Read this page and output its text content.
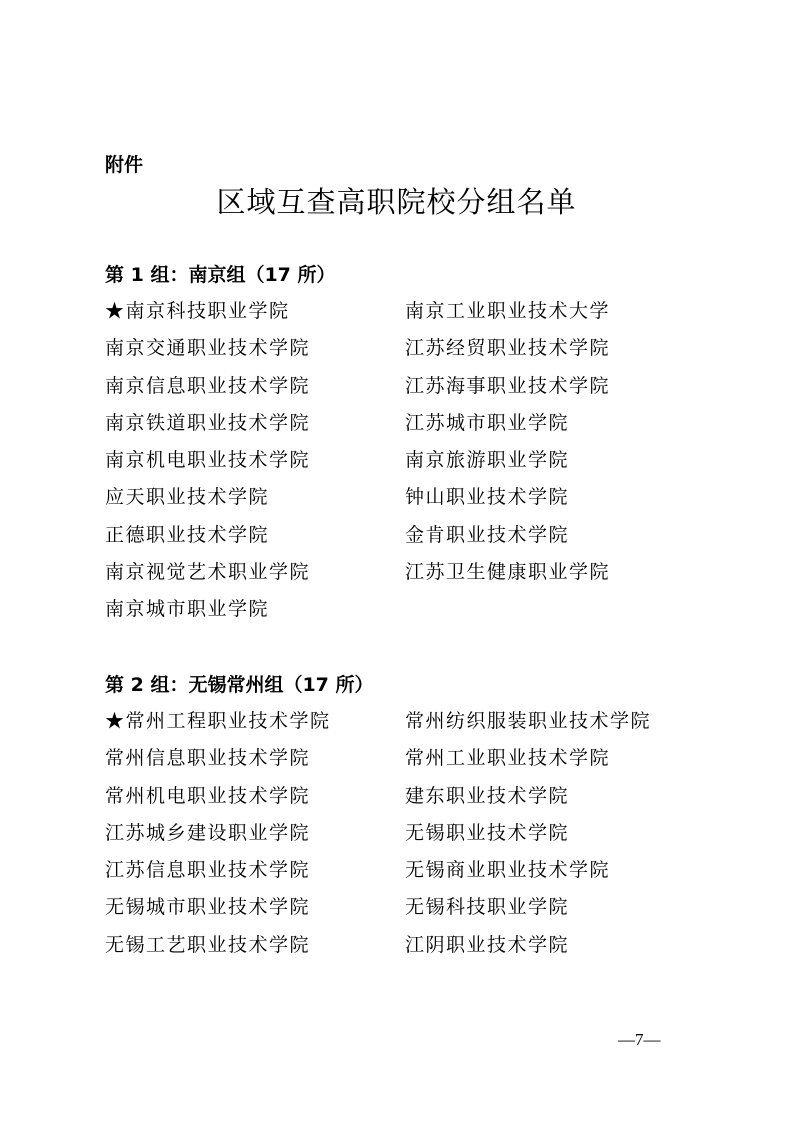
附件
区域互查高职院校分组名单
第 1 组：南京组（17 所）
★南京科技职业学院	南京工业职业技术大学
南京交通职业技术学院	江苏经贸职业技术学院
南京信息职业技术学院	江苏海事职业技术学院
南京铁道职业技术学院	江苏城市职业学院
南京机电职业技术学院	南京旅游职业学院
应天职业技术学院	钟山职业技术学院
正德职业技术学院	金肯职业技术学院
南京视觉艺术职业学院	江苏卫生健康职业学院
南京城市职业学院
第 2 组：无锡常州组（17 所）
★常州工程职业技术学院	常州纺织服装职业技术学院
常州信息职业技术学院	常州工业职业技术学院
常州机电职业技术学院	建东职业技术学院
江苏城乡建设职业学院	无锡职业技术学院
江苏信息职业技术学院	无锡商业职业技术学院
无锡城市职业技术学院	无锡科技职业学院
无锡工艺职业技术学院	江阴职业技术学院
—7—
